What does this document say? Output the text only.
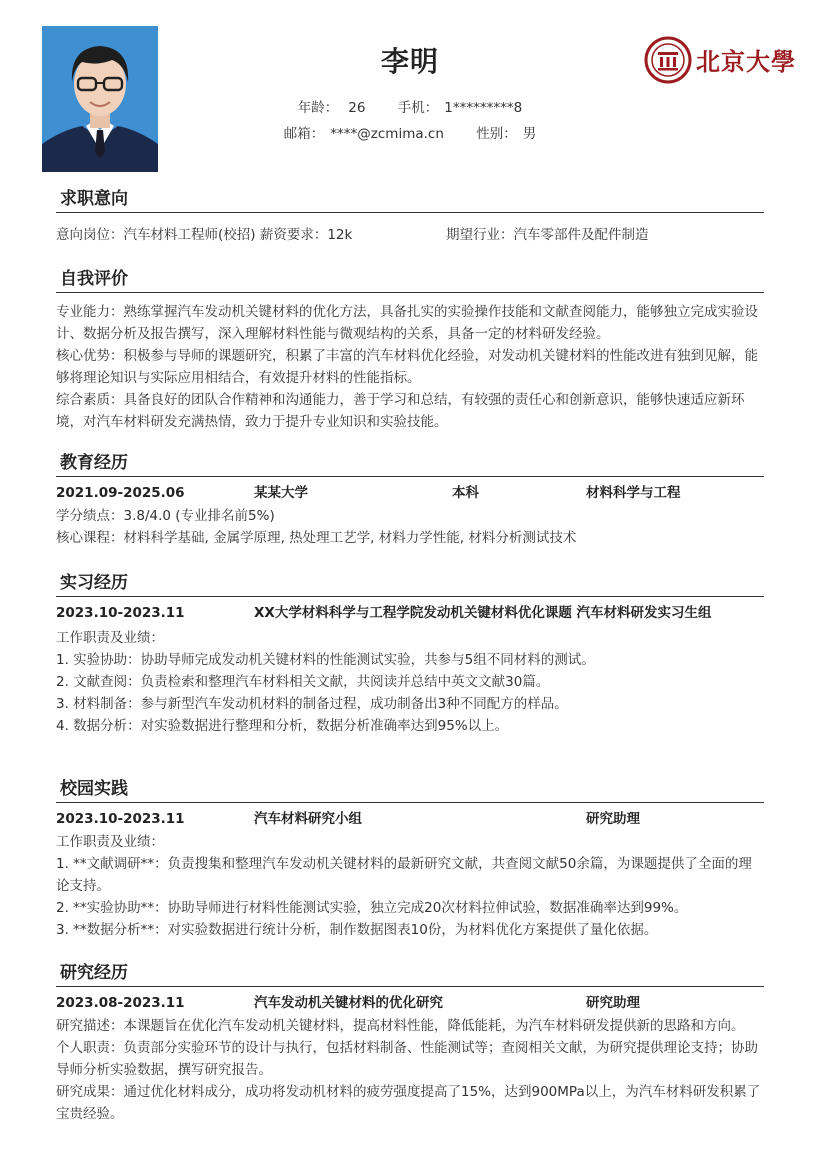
李明
年龄： 26 手机： 1*********8
邮箱： ****@zcmima.cn 性别： 男
北京大學
求职意向
意向岗位：汽车材料工程师(校招) 薪资要求：12k	期望行业：汽车零部件及配件制造
自我评价

专业能力：熟练掌握汽车发动机关键材料的优化方法，具备扎实的实验操作技能和文献查阅能力，能够独立完成实验设计、数据分析及报告撰写，深入理解材料性能与微观结构的关系，具备一定的材料研发经验。

核心优势：积极参与导师的课题研究，积累了丰富的汽车材料优化经验，对发动机关键材料的性能改进有独到见解，能够将理论知识与实际应用相结合，有效提升材料的性能指标。

综合素质：具备良好的团队合作精神和沟通能力，善于学习和总结，有较强的责任心和创新意识，能够快速适应新环境，对汽车材料研发充满热情，致力于提升专业知识和实验技能。

教育经历
2021.09-2025.06	某某大学	本科	材料科学与工程

学分绩点：3.8/4.0 (专业排名前5%)

核心课程：材料科学基础, 金属学原理, 热处理工艺学, 材料力学性能, 材料分析测试技术

实习经历
2023.10-2023.11	XX大学材料科学与工程学院发动机关键材料优化课题 汽车材料研发实习生组

工作职责及业绩：

1. 实验协助：协助导师完成发动机关键材料的性能测试实验，共参与5组不同材料的测试。

2. 文献查阅：负责检索和整理汽车材料相关文献，共阅读并总结中英文文献30篇。

3. 材料制备：参与新型汽车发动机材料的制备过程，成功制备出3种不同配方的样品。

4. 数据分析：对实验数据进行整理和分析，数据分析准确率达到95%以上。

校园实践
2023.10-2023.11	汽车材料研究小组	研究助理

工作职责及业绩：

1. **文献调研**：负责搜集和整理汽车发动机关键材料的最新研究文献，共查阅文献50余篇，为课题提供了全面的理论支持。

2. **实验协助**：协助导师进行材料性能测试实验，独立完成20次材料拉伸试验，数据准确率达到99%。

3. **数据分析**：对实验数据进行统计分析，制作数据图表10份，为材料优化方案提供了量化依据。

研究经历
2023.08-2023.11	汽车发动机关键材料的优化研究	研究助理

研究描述：本课题旨在优化汽车发动机关键材料，提高材料性能，降低能耗，为汽车材料研发提供新的思路和方向。

个人职责：负责部分实验环节的设计与执行，包括材料制备、性能测试等；查阅相关文献，为研究提供理论支持；协助导师分析实验数据，撰写研究报告。

研究成果：通过优化材料成分，成功将发动机材料的疲劳强度提高了15%，达到900MPa以上，为汽车材料研发积累了宝贵经验。
